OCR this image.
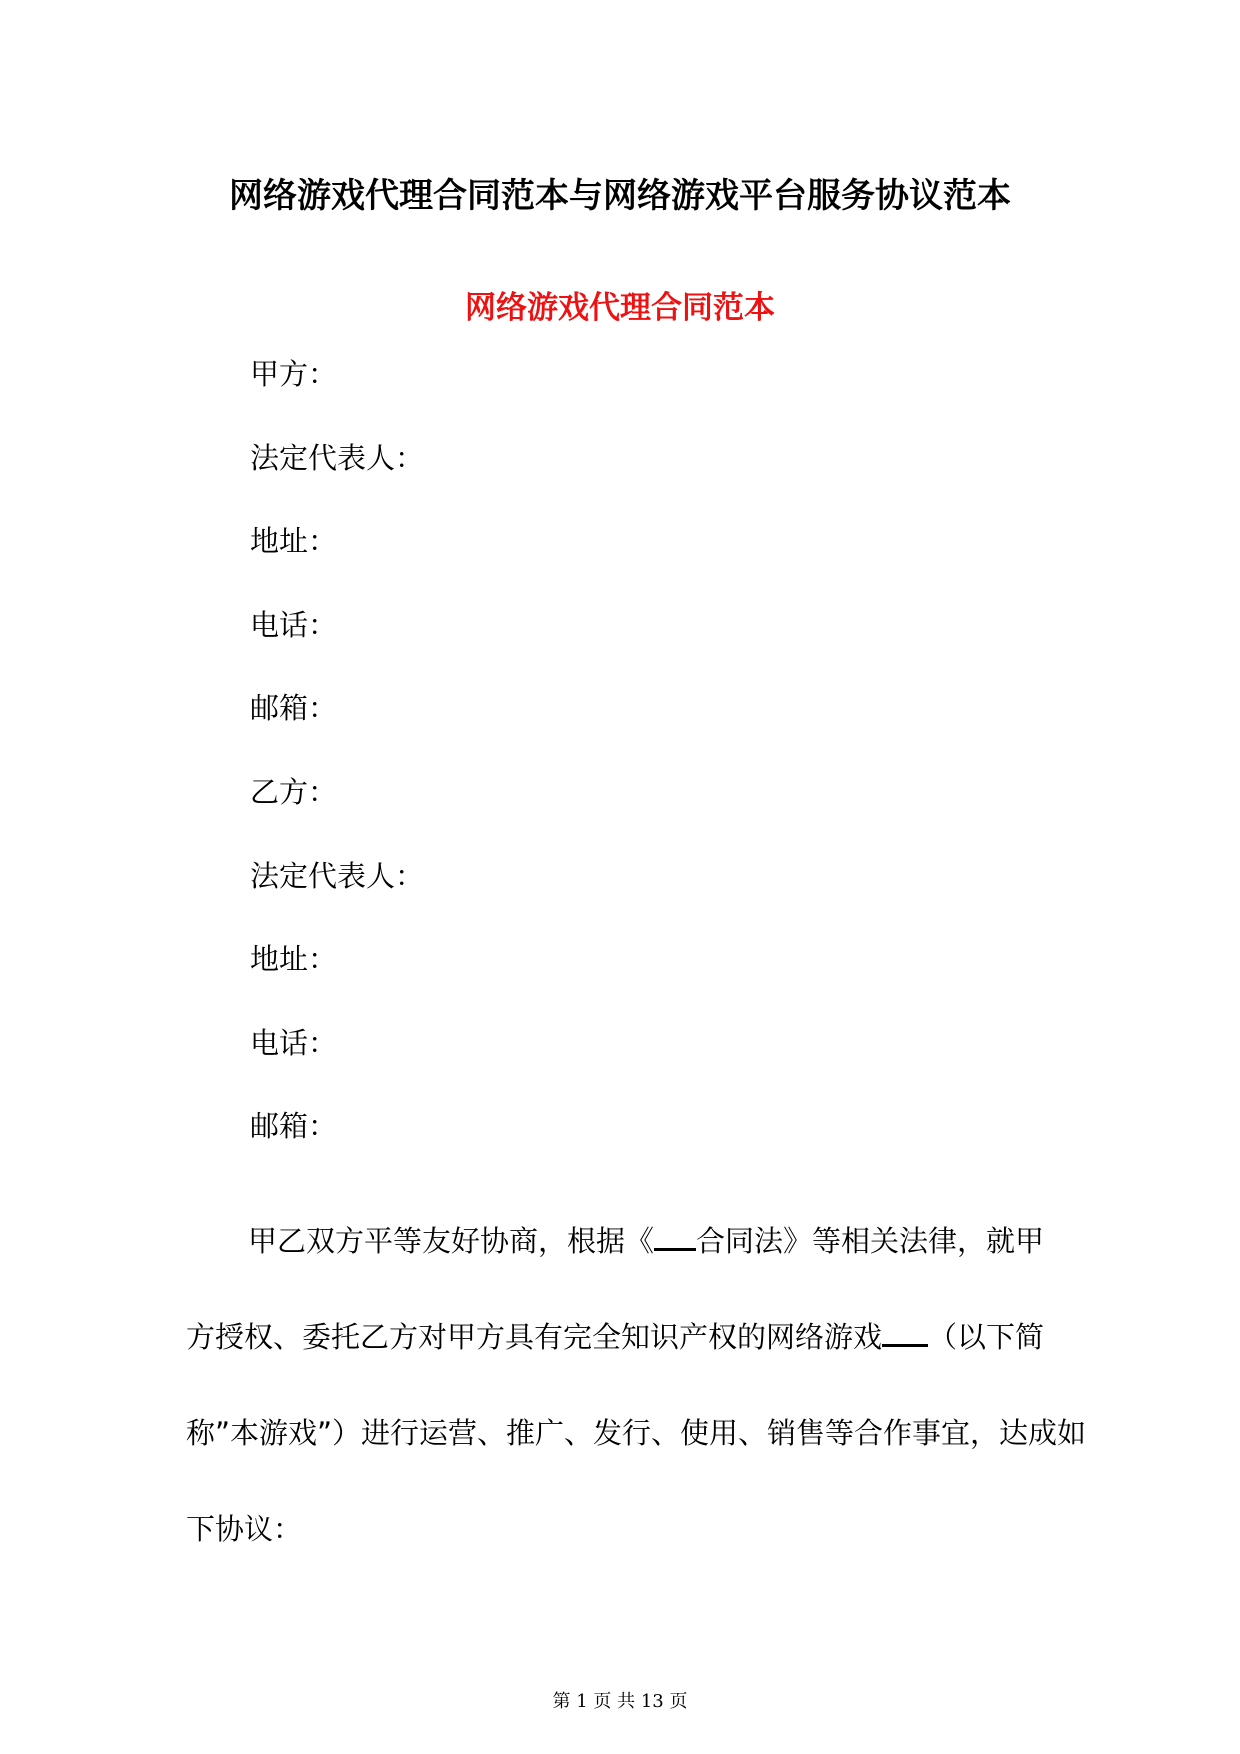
网络游戏代理合同范本与网络游戏平台服务协议范本
网络游戏代理合同范本

甲方：

法定代表人：

地址：

电话：

邮箱：

乙方：

法定代表人：

地址：

电话：

邮箱：

甲乙双方平等友好协商，根据《 合同法》等相关法律，就甲
方授权、委托乙方对甲方具有完全知识产权的网络游戏 （以下简
称”本游戏”）进行运营、推广、发行、使用、销售等合作事宜，达成如
下协议：
第 1 页 共 13 页
